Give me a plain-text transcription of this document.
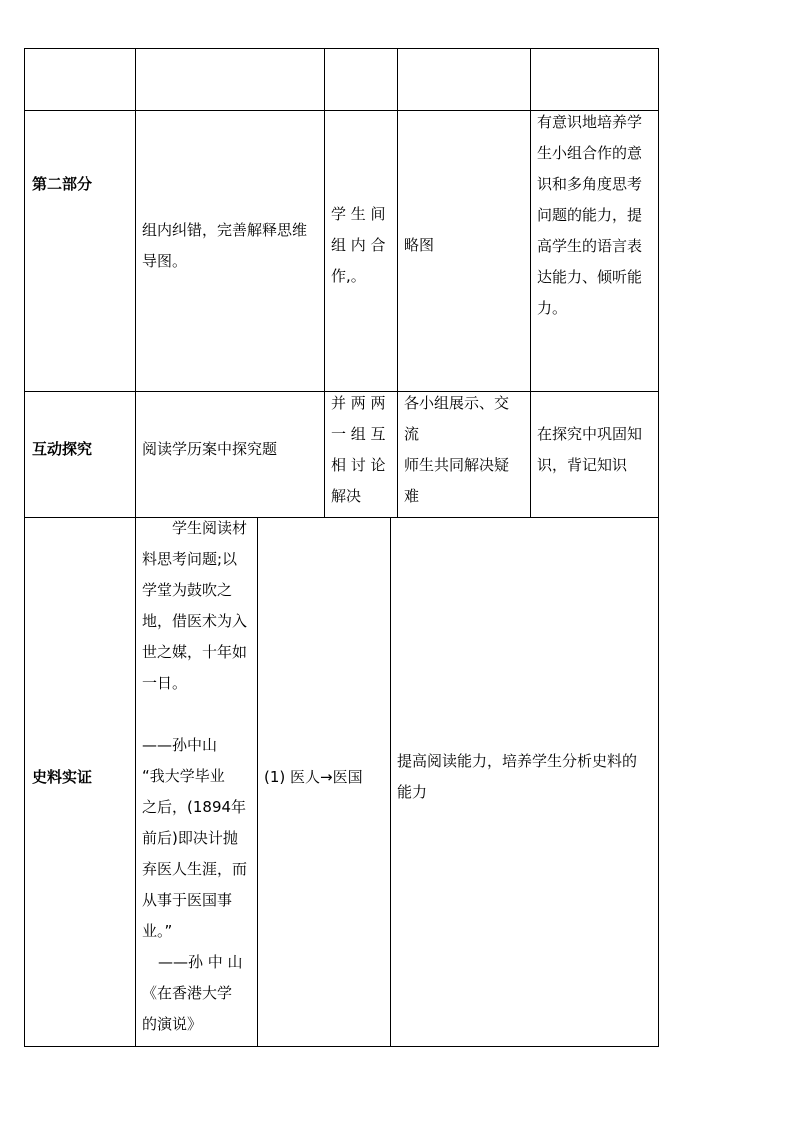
第二部分
组内纠错，完善解释思维
导图。
学 生 间
组 内 合
作,。
略图
有意识地培养学
生小组合作的意
识和多角度思考
问题的能力，提
高学生的语言表
达能力、倾听能
力。
互动探究	阅读学历案中探究题
并 两 两
一 组 互
相 讨 论
解决
各小组展示、交
流
师生共同解决疑
难
在探究中巩固知
识，背记知识
史料实证
学生阅读材
料思考问题;以
学堂为鼓吹之
地，借医术为入
世之媒，十年如
一日。
——孙中山
“我大学毕业
之后，(1894年
前后)即决计抛
弃医人生涯，而
从事于医国事
业。”
——孙 中 山
《在香港大学
的演说》
(1) 医人→医国
提高阅读能力，培养学生分析史料的
能力
